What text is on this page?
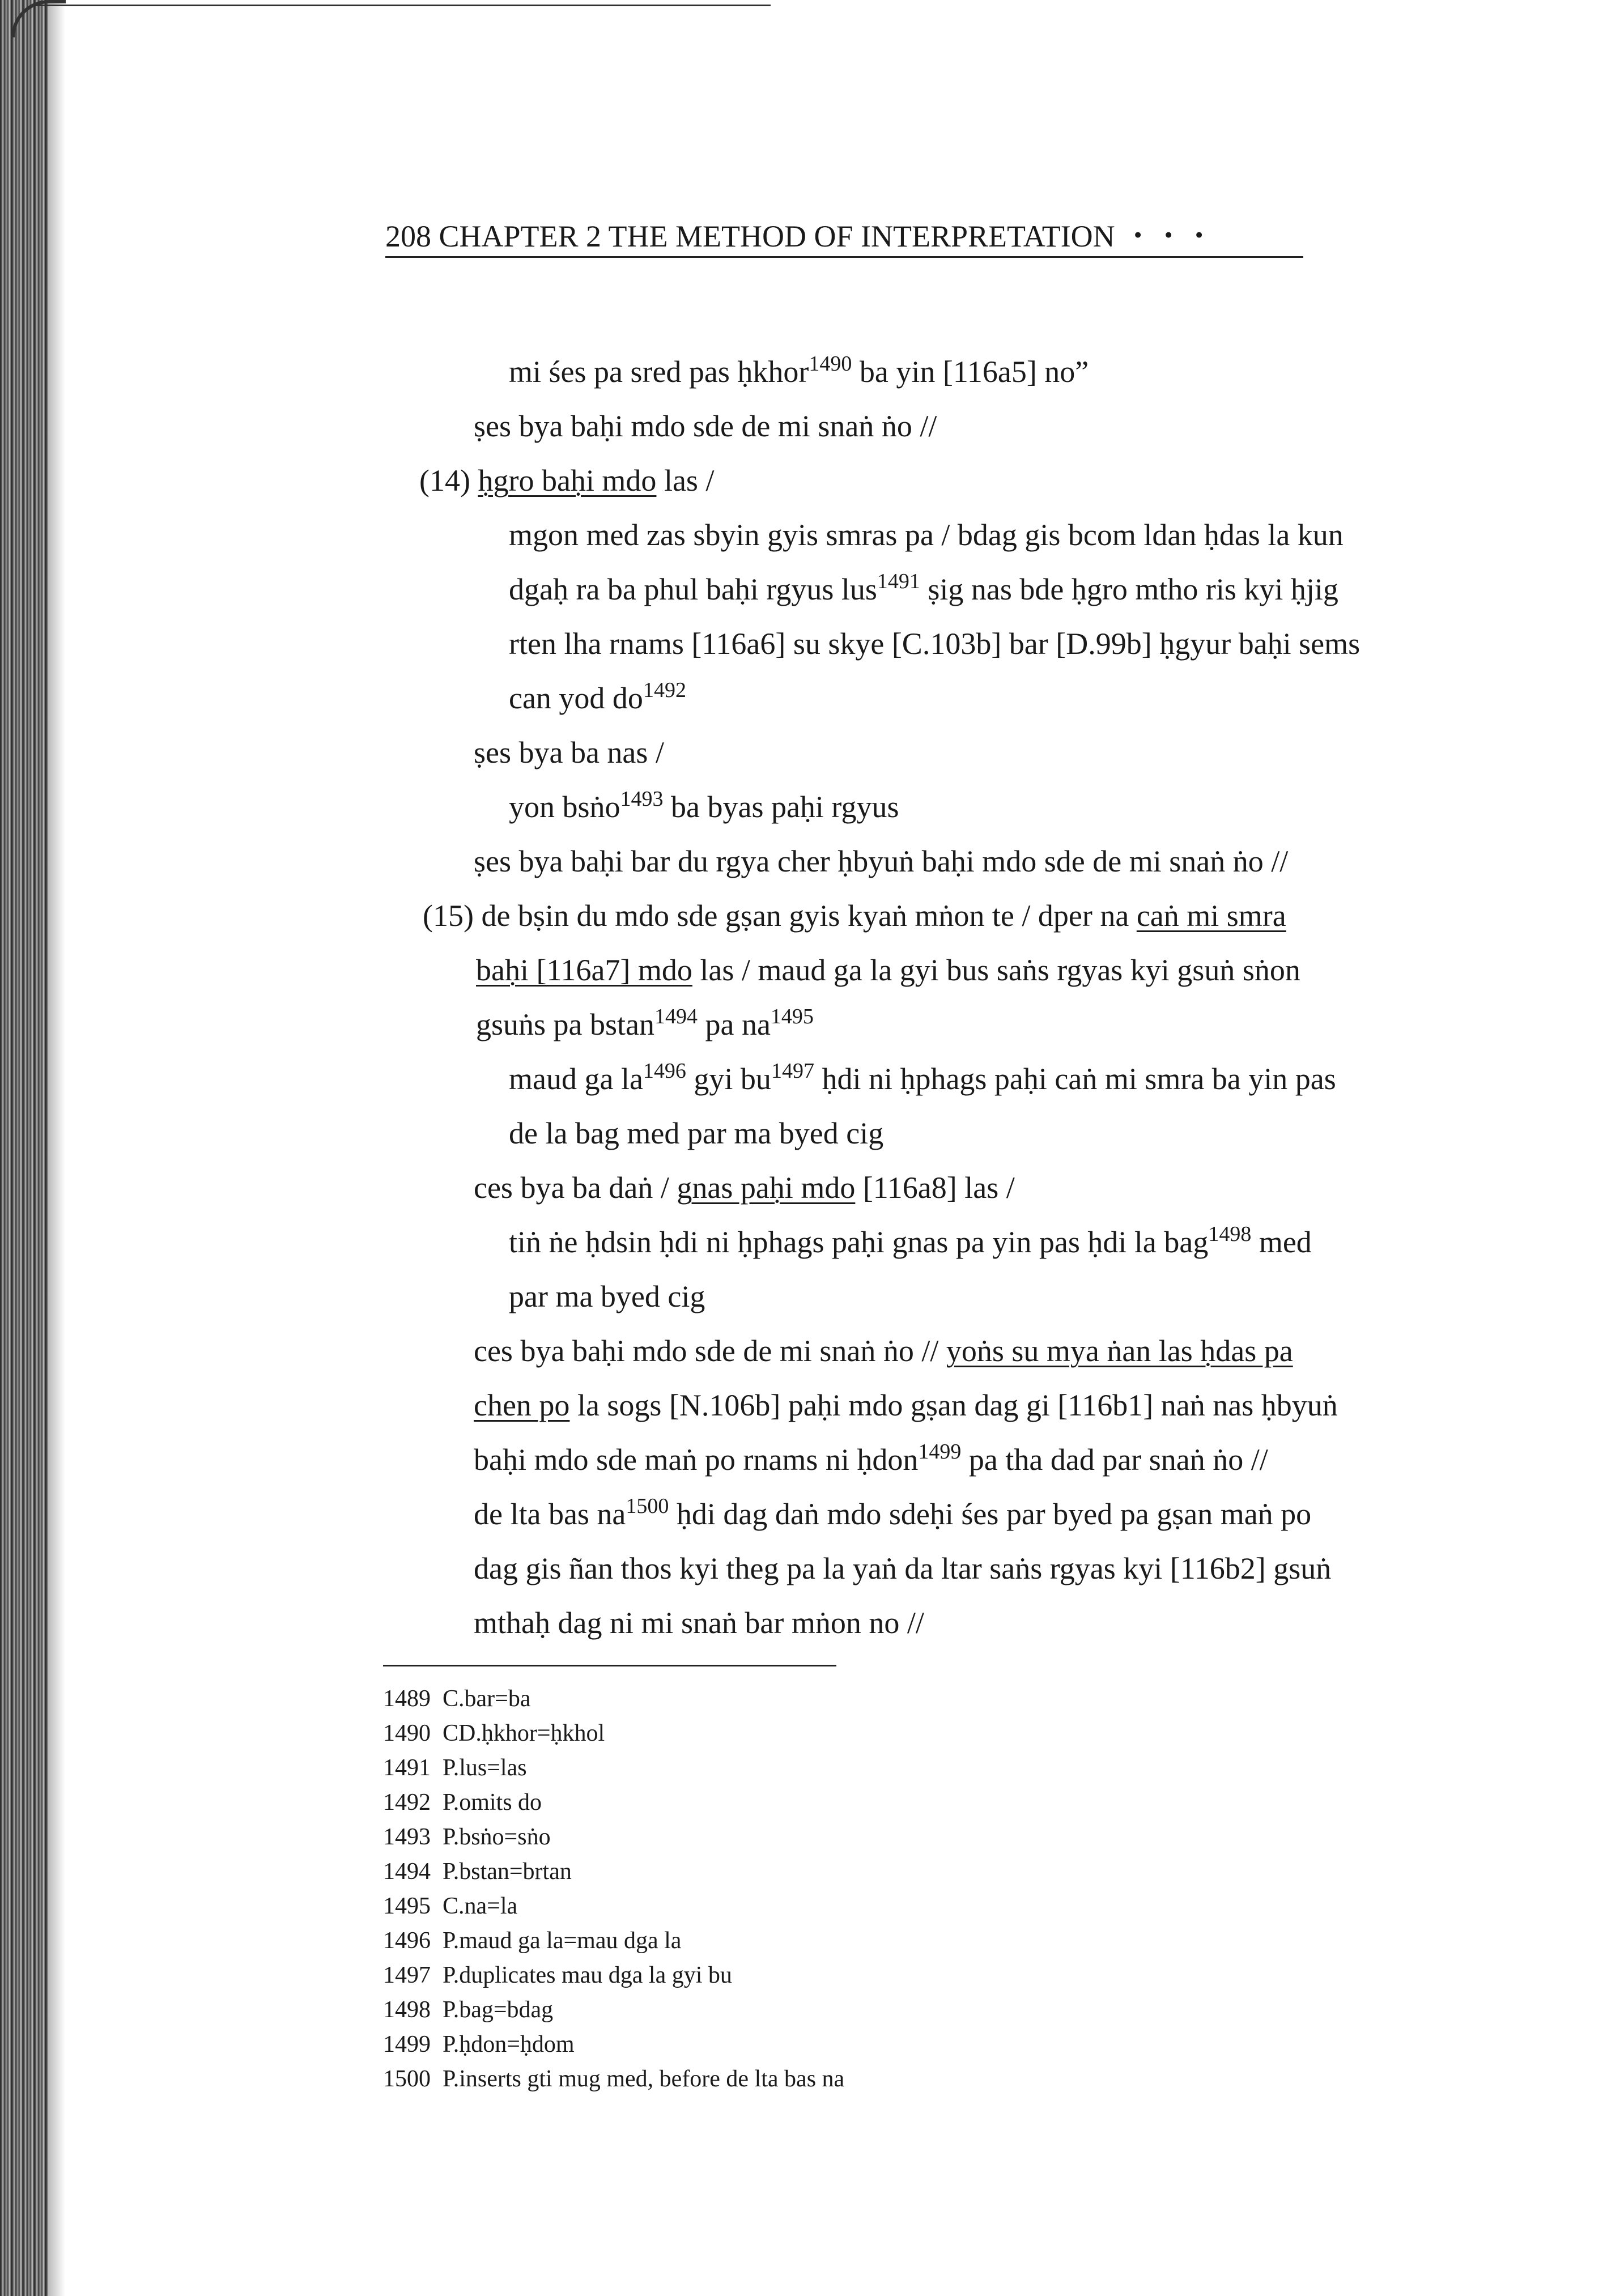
208 CHAPTER 2 THE METHOD OF INTERPRETATION ・・・
mi śes pa sred pas ḥkhor$^{1490}$ ba yin [116a5] no”
ṣes bya baḥi mdo sde de mi snaṅ ṅo //
(14) ḥgro baḥi mdo las /
mgon med zas sbyin gyis smras pa / bdag gis bcom ldan ḥdas la kun
dgaḥ ra ba phul baḥi rgyus lus$^{1491}$ ṣig nas bde ḥgro mtho ris kyi ḥjig
rten lha rnams [116a6] su skye [C.103b] bar [D.99b] ḥgyur baḥi sems
can yod $do^{1492}$
ṣes bya ba nas /
yon bsṅo$^{1493}$ ba byas paḥi rgyus
ṣes bya baḥi bar du rgya cher ḥbyuṅ baḥi mdo sde de mi snaṅ ṅo //
(15) de bṣin du mdo sde gṣan gyis kyaṅ mṅon te / dper na caṅ mi smra
baḥi [116a7] mdo las / maud ga la gyi bus saṅs rgyas kyi gsuṅ sṅon
gsuṅs pa bstan$^{1494}$ pa $na^{1495}$
maud ga $la^{1496}$ gyi $bu^{1497}$ ḥdi ni ḥphags paḥi caṅ mi smra ba yin pas
de la bag med par ma byed cig
ces bya ba daṅ / gnas paḥi mdo [116a8] las /
tiṅ ṅe ḥdsin ḥdi ni ḥphags paḥi gnas pa yin pas ḥdi la bag$^{1498}$ med
par ma byed cig
ces bya baḥi mdo sde de mi snaṅ ṅo // yoṅs su mya ṅan las ḥdas pa
chen po la sogs [N.106b] paḥi mdo gṣan dag gi [116b1] naṅ nas ḥbyuṅ
baḥi mdo sde maṅ po rnams ni ḥdon$^{1499}$ pa tha dad par snaṅ ṅo //
de lta bas $na^{1500}$ ḥdi dag daṅ mdo sdeḥi śes par byed pa gṣan maṅ po
dag gis ñan thos kyi theg pa la yaṅ da ltar saṅs rgyas kyi [116b2] gsuṅ
mthaḥ dag ni mi snaṅ bar mṅon no //
1489 C.bar=ba
1490 CD.ḥkhor=ḥkhol
1491 P.lus=las
1492 P.omits do
1493 P.bsṅo=sṅo
1494 P.bstan=brtan
1495 C.na=la
1496 P.maud ga la=mau dga la
1497 P.duplicates mau dga la gyi bu
1498 P.bag=bdag
1499 P.ḥdon=ḥdom
1500 P.inserts gti mug med, before de lta bas na
